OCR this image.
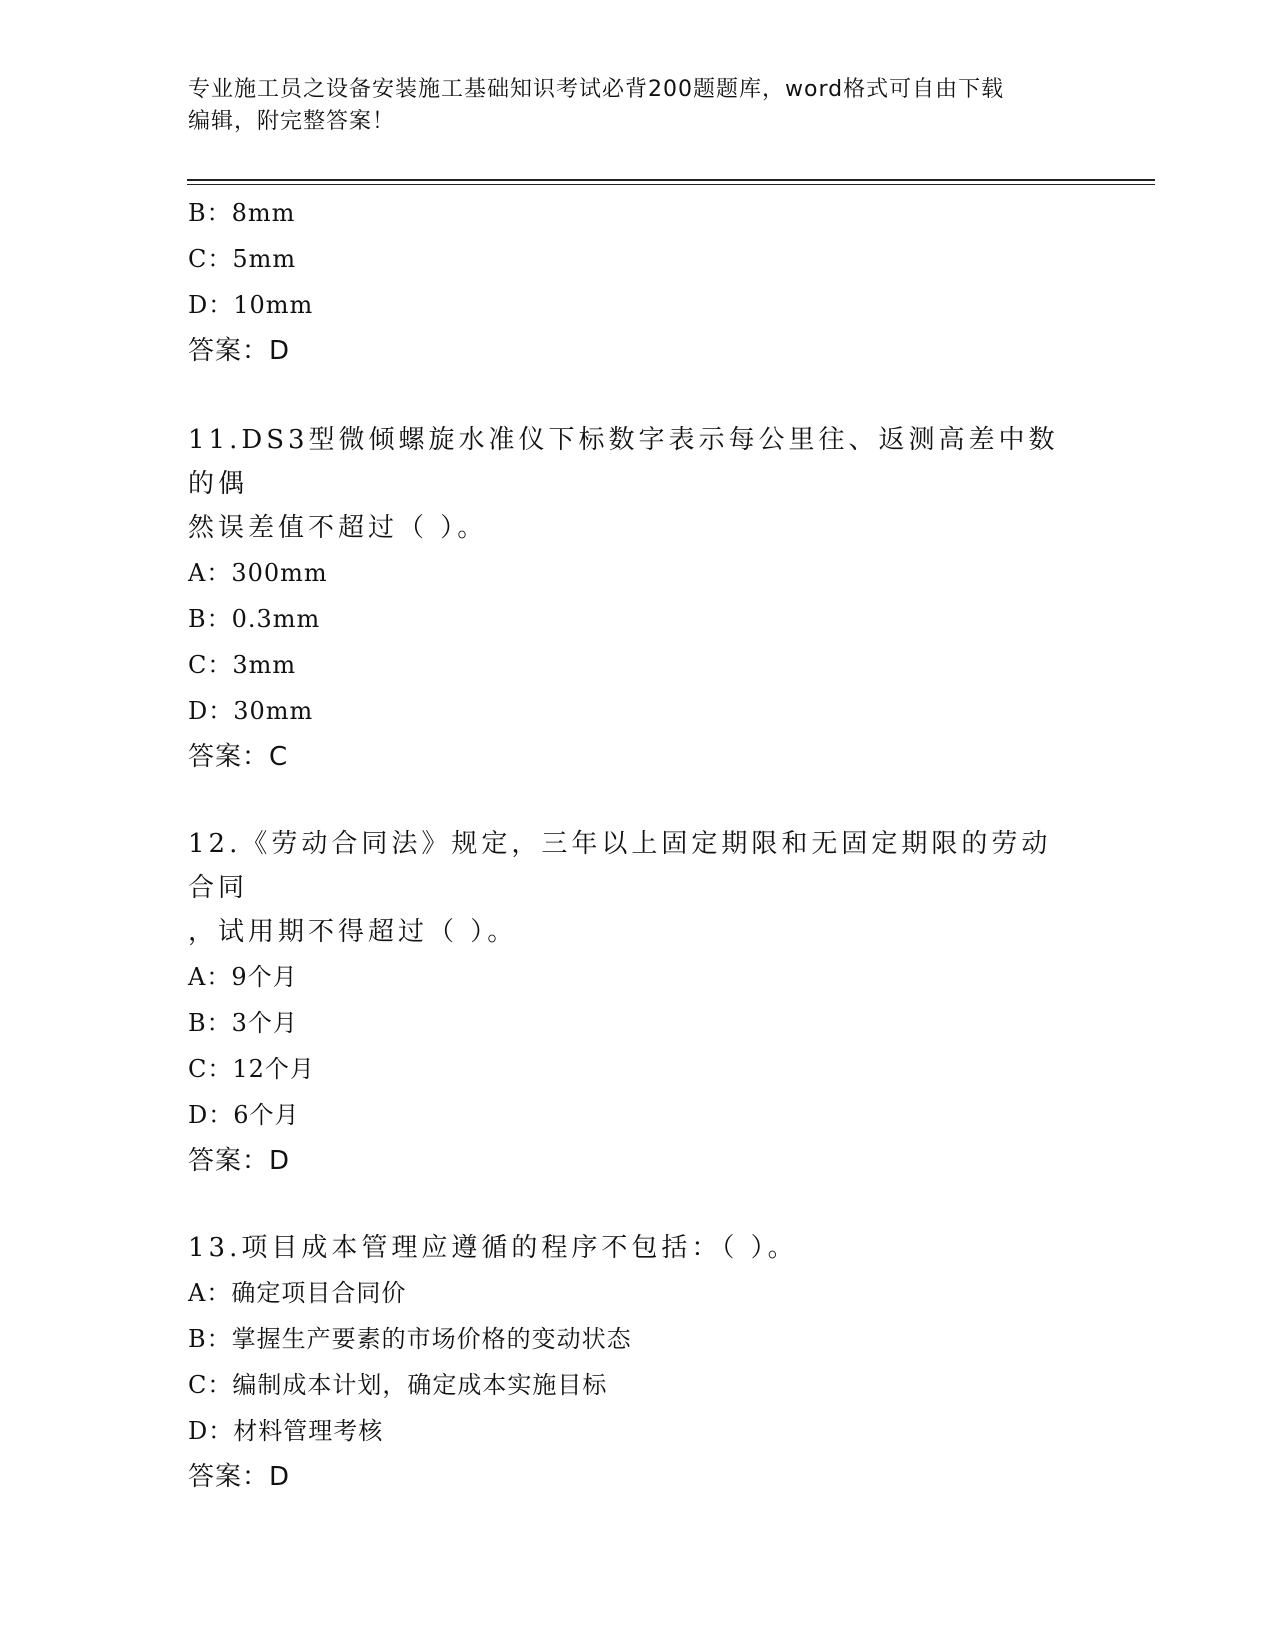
专业施工员之设备安装施工基础知识考试必背200题题库，word格式可自由下载
编辑，附完整答案！
B：8mm
C：5mm
D：10mm
答案：D
11.DS3型微倾螺旋水准仪下标数字表示每公里往、返测高差中数的偶
然误差值不超过（ ）。
A：300mm
B：0.3mm
C：3mm
D：30mm
答案：C
12.《劳动合同法》规定，三年以上固定期限和无固定期限的劳动合同
，试用期不得超过（ ）。
A：9个月
B：3个月
C：12个月
D：6个月
答案：D
13.项目成本管理应遵循的程序不包括：（ ）。
A：确定项目合同价
B：掌握生产要素的市场价格的变动状态
C：编制成本计划，确定成本实施目标
D：材料管理考核
答案：D
